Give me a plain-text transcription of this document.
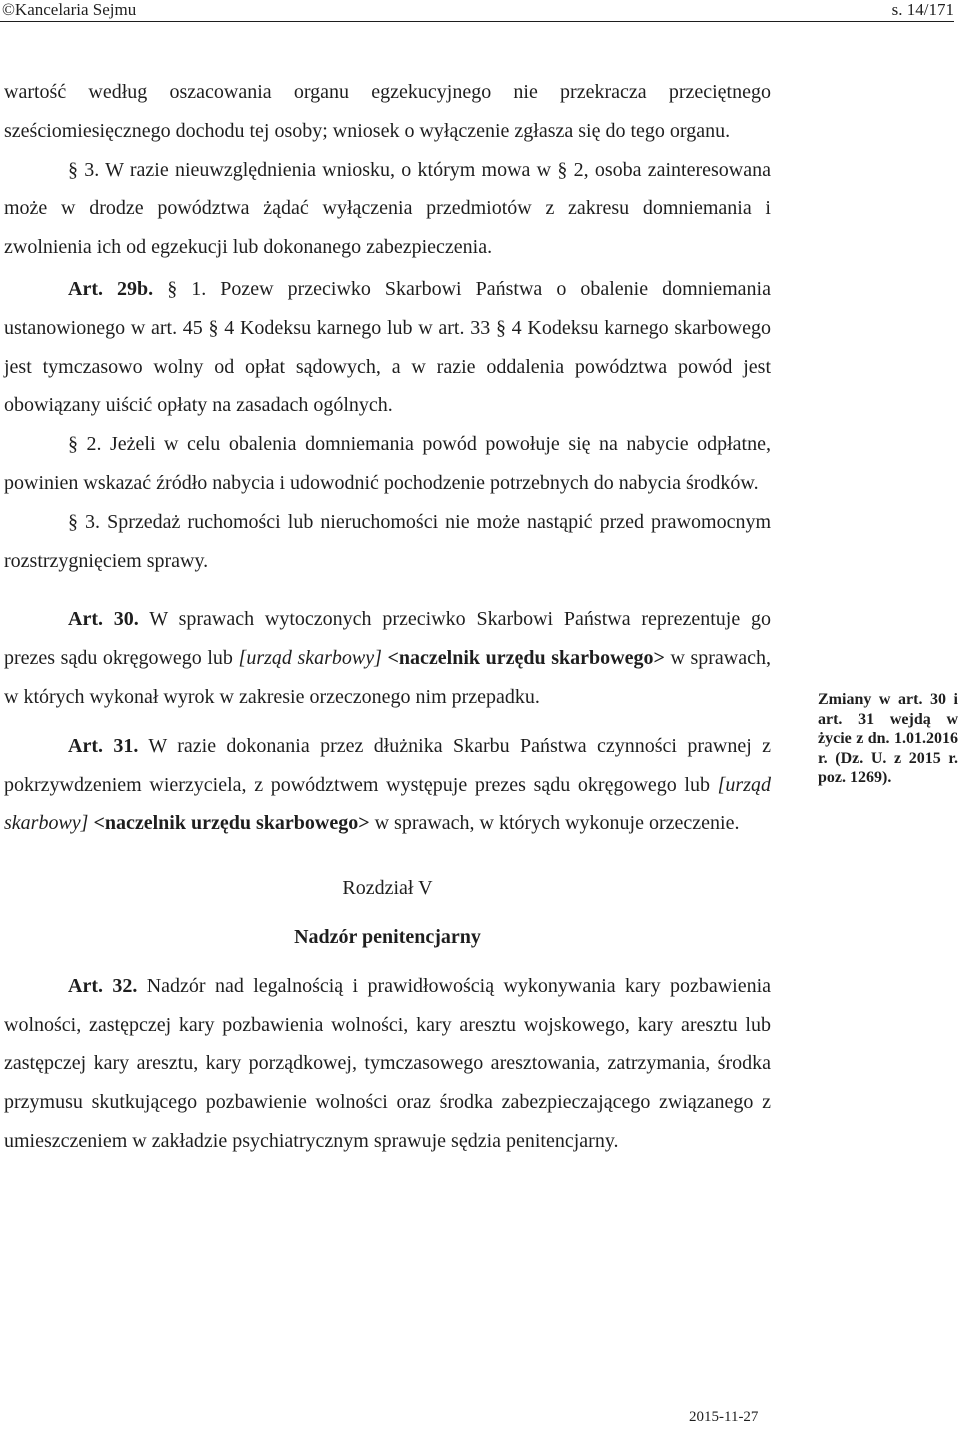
©Kancelaria Sejmu	s. 14/171

wartość według oszacowania organu egzekucyjnego nie przekracza przeciętnego sześciomiesięcznego dochodu tej osoby; wniosek o wyłączenie zgłasza się do tego organu.

§ 3. W razie nieuwzględnienia wniosku, o którym mowa w § 2, osoba zainteresowana może w drodze powództwa żądać wyłączenia przedmiotów z zakresu domniemania i zwolnienia ich od egzekucji lub dokonanego zabezpieczenia.

Art. 29b. § 1. Pozew przeciwko Skarbowi Państwa o obalenie domniemania ustanowionego w art. 45 § 4 Kodeksu karnego lub w art. 33 § 4 Kodeksu karnego skarbowego jest tymczasowo wolny od opłat sądowych, a w razie oddalenia powództwa powód jest obowiązany uiścić opłaty na zasadach ogólnych.

§ 2. Jeżeli w celu obalenia domniemania powód powołuje się na nabycie odpłatne, powinien wskazać źródło nabycia i udowodnić pochodzenie potrzebnych do nabycia środków.

§ 3. Sprzedaż ruchomości lub nieruchomości nie może nastąpić przed prawomocnym rozstrzygnięciem sprawy.

Art. 30. W sprawach wytoczonych przeciwko Skarbowi Państwa reprezentuje go prezes sądu okręgowego lub [urząd skarbowy] <naczelnik urzędu skarbowego> w sprawach, w których wykonał wyrok w zakresie orzeczonego nim przepadku.

Art. 31. W razie dokonania przez dłużnika Skarbu Państwa czynności prawnej z pokrzywdzeniem wierzyciela, z powództwem występuje prezes sądu okręgowego lub [urząd skarbowy] <naczelnik urzędu skarbowego> w sprawach, w których wykonuje orzeczenie.

Rozdział V

Nadzór penitencjarny

Art. 32. Nadzór nad legalnością i prawidłowością wykonywania kary pozbawienia wolności, zastępczej kary pozbawienia wolności, kary aresztu wojskowego, kary aresztu lub zastępczej kary aresztu, kary porządkowej, tymczasowego aresztowania, zatrzymania, środka przymusu skutkującego pozbawienie wolności oraz środka zabezpieczającego związanego z umieszczeniem w zakładzie psychiatrycznym sprawuje sędzia penitencjarny.

Zmiany w art. 30 i art. 31 wejdą w życie z dn. 1.01.2016 r. (Dz. U. z 2015 r. poz. 1269).
2015-11-27
